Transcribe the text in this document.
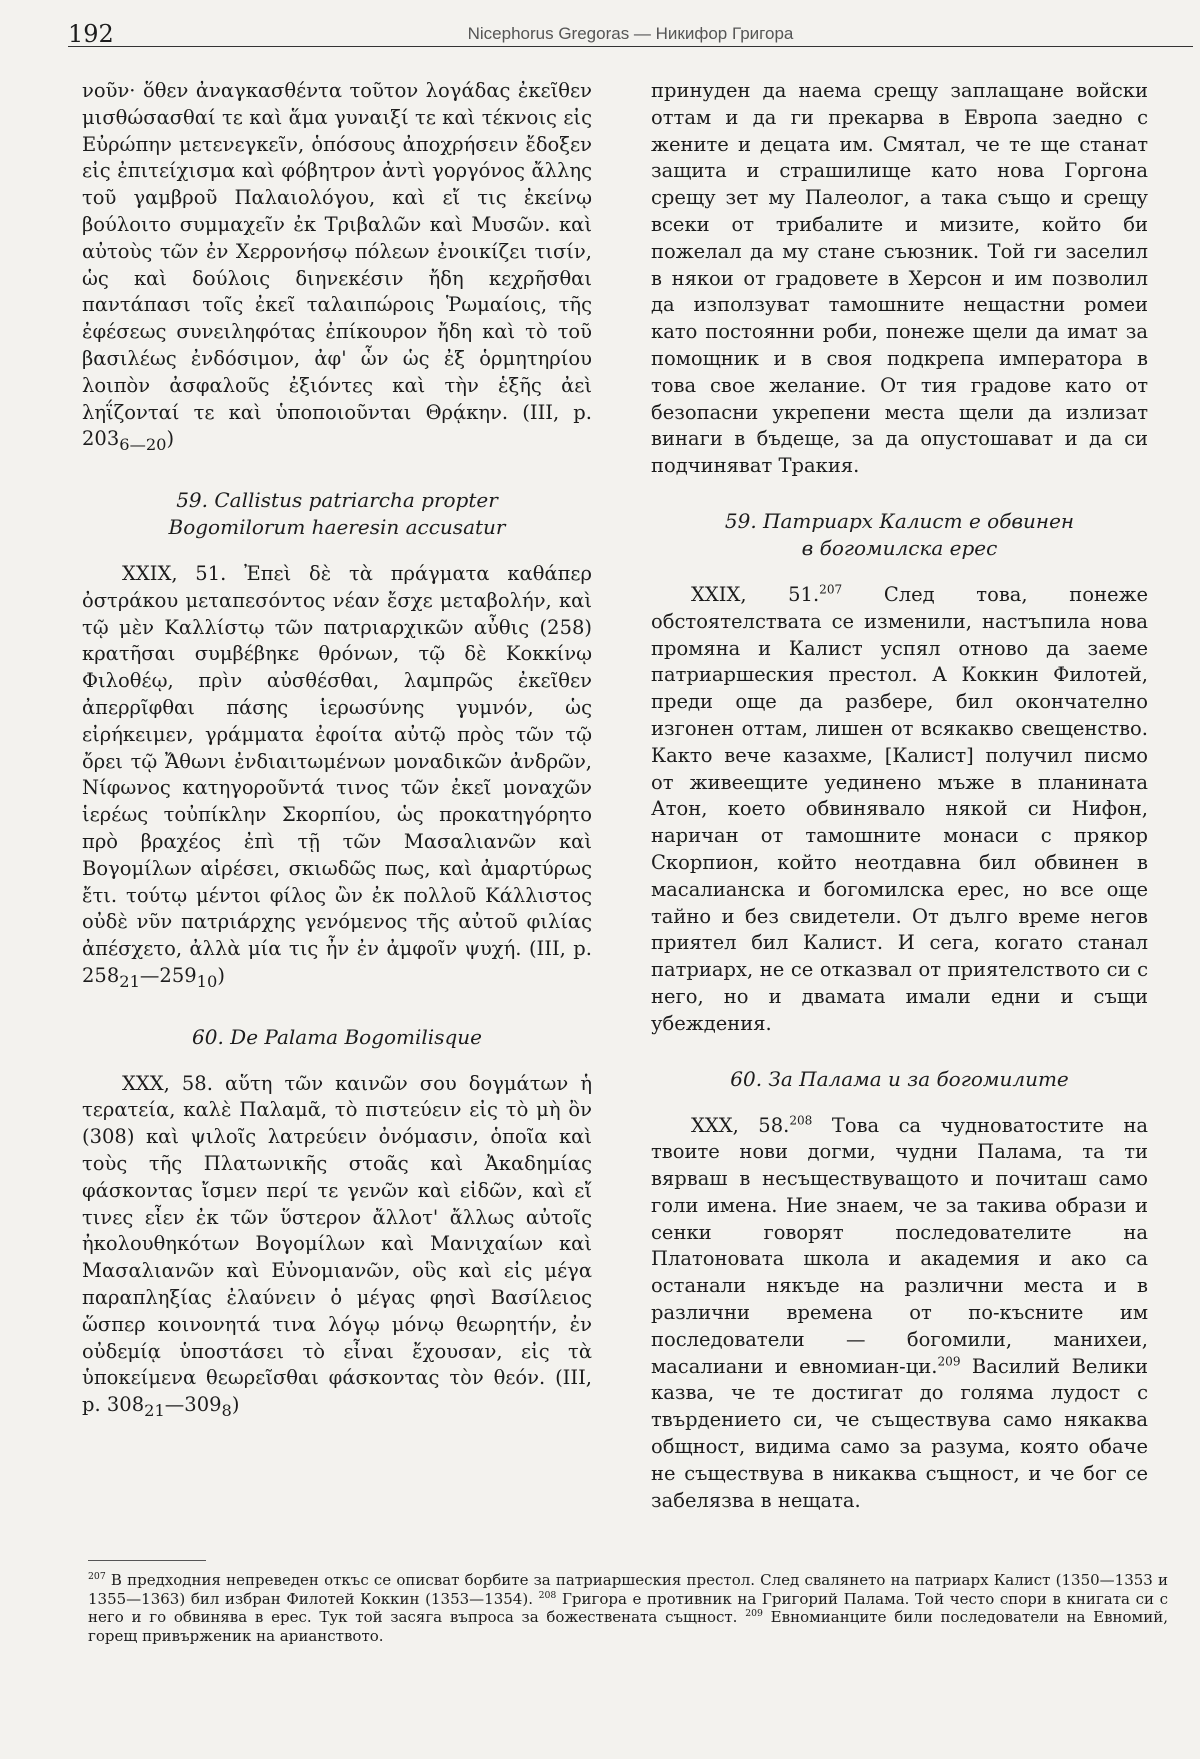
192	Nicephorus Gregoras — Никифор Григора

νοῦν· ὅθεν ἀναγκασθέντα τοῦτον λογάδας ἐκεῖθεν μισθώσασθαί τε καὶ ἅμα γυναιξί τε καὶ τέκνοις εἰς Εὐρώπην μετενεγκεῖν, ὁπόσους ἀποχρήσειν ἔδοξεν εἰς ἐπιτείχισμα καὶ φόβητρον ἀντὶ γοργόνος ἄλλης τοῦ γαμβροῦ Παλαιολόγου, καὶ εἴ τις ἐκείνῳ βούλοιτο συμμαχεῖν ἐκ Τριβαλῶν καὶ Μυσῶν. καὶ αὐτοὺς τῶν ἐν Χερρονήσῳ πόλεων ἐνοικίζει τισίν, ὡς καὶ δούλοις διηνεκέσιν ἤδη κεχρῆσθαι παντάπασι τοῖς ἐκεῖ ταλαιπώροις Ῥωμαίοις, τῆς ἐφέσεως συνειληφότας ἐπίκουρον ἤδη καὶ τὸ τοῦ βασιλέως ἐνδόσιμον, ἀφ' ὧν ὡς ἐξ ὁρμητηρίου λοιπὸν ἀσφαλοῦς ἐξιόντες καὶ τὴν ἑξῆς ἀεὶ ληΐζονταί τε καὶ ὑποποιοῦνται Θρᾴκην. (III, p. $203_{6—20}$)

59. Callistus patriarcha propter
Bogomilorum haeresin accusatur

XXIX, 51. Ἐπεὶ δὲ τὰ πράγματα καθάπερ ὀστράκου μεταπεσόντος νέαν ἔσχε μεταβολήν, καὶ τῷ μὲν Καλλίστῳ τῶν πατριαρχικῶν αὖθις (258) κρατῆσαι συμβέβηκε θρόνων, τῷ δὲ Κοκκίνῳ Φιλοθέῳ, πρὶν αὐσθέσθαι, λαμπρῶς ἐκεῖθεν ἀπερρῖφθαι πάσης ἱερωσύνης γυμνόν, ὡς εἰρήκειμεν, γράμματα ἐφοίτα αὐτῷ πρὸς τῶν τῷ ὄρει τῷ Ἄθωνι ἐνδιαιτωμένων μοναδικῶν ἀνδρῶν, Νίφωνος κατηγοροῦντά τινος τῶν ἐκεῖ μοναχῶν ἱερέως τοὐπίκλην Σκορπίου, ὡς προκατηγόρητο πρὸ βραχέος ἐπὶ τῇ τῶν Μασαλιανῶν καὶ Βογομίλων αἱρέσει, σκιωδῶς πως, καὶ ἀμαρτύρως ἔτι. τούτῳ μέντοι φίλος ὢν ἐκ πολλοῦ Κάλλιστος οὐδὲ νῦν πατριάρχης γενόμενος τῆς αὐτοῦ φιλίας ἀπέσχετο, ἀλλὰ μία τις ἦν ἐν ἀμφοῖν ψυχή. (III, p. $258_{21}—259_{10}$)

60. De Palama Bogomilisque

XXX, 58. αὕτη τῶν καινῶν σου δογμάτων ἡ τερατεία, καλὲ Παλαμᾶ, τὸ πιστεύειν εἰς τὸ μὴ ὂν (308) καὶ ψιλοῖς λατρεύειν ὀνόμασιν, ὁποῖα καὶ τοὺς τῆς Πλατωνικῆς στοᾶς καὶ Ἀκαδημίας φάσκοντας ἴσμεν περί τε γενῶν καὶ εἰδῶν, καὶ εἴ τινες εἶεν ἐκ τῶν ὕστερον ἄλλοτ' ἄλλως αὐτοῖς ἠκολουθηκότων Βογομίλων καὶ Μανιχαίων καὶ Μασαλιανῶν καὶ Εὐνομιανῶν, οὓς καὶ εἰς μέγα παραπληξίας ἐλαύνειν ὁ μέγας φησὶ Βασίλειος ὥσπερ κοινονητά τινα λόγῳ μόνῳ θεωρητήν, ἐν οὐδεμίᾳ ὑποστάσει τὸ εἶναι ἔχουσαν, εἰς τὰ ὑποκείμενα θεωρεῖσθαι φάσκοντας τὸν θεόν. (III, p. $308_{21}—309_8$)

принуден да наема срещу заплащане войски оттам и да ги прекарва в Европа заедно с жените и децата им. Смятал, че те ще станат защита и страшилище като нова Горгона срещу зет му Палеолог, а така също и срещу всеки от трибалите и мизите, който би пожелал да му стане съюзник. Той ги заселил в някои от градовете в Херсон и им позволил да използуват тамошните нещастни ромеи като постоянни роби, понеже щели да имат за помощник и в своя подкрепа императора в това свое желание. От тия градове като от безопасни укрепени места щели да излизат винаги в бъдеще, за да опустошават и да си подчиняват Тракия.

59. Патриарх Калист е обвинен
в богомилска ерес

XXIX, 51.$^{207}$ След това, понеже обстоятелствата се изменили, настъпила нова промяна и Калист успял отново да заеме патриаршеския престол. А Коккин Филотей, преди още да разбере, бил окончателно изгонен оттам, лишен от всякакво свещенство. Както вече казахме, [Калист] получил писмо от живеещите уединено мъже в планината Атон, което обвинявало някой си Нифон, наричан от тамошните монаси с прякор Скорпион, който неотдавна бил обвинен в масалианска и богомилска ерес, но все още тайно и без свидетели. От дълго време негов приятел бил Калист. И сега, когато станал патриарх, не се отказвал от приятелството си с него, но и двамата имали едни и същи убеждения.

60. За Палама и за богомилите

XXX, 58.$^{208}$ Това са чудноватостите на твоите нови догми, чудни Палама, та ти вярваш в несъществуващото и почиташ само голи имена. Ние знаем, че за такива образи и сенки говорят последователите на Платоновата школа и академия и ако са останали някъде на различни места и в различни времена от по-късните им последователи — богомили, манихеи, масалиани и евномиан-ци.$^{209}$ Василий Велики казва, че те достигат до голяма лудост с твърдението си, че съществува само някаква общност, видима само за разума, която обаче не съществува в никаква същност, и че бог се забелязва в нещата.

$^{207}$ В предходния непреведен откъс се описват борбите за патриаршеския престол. След свалянето на патриарх Калист (1350—1353 и 1355—1363) бил избран Филотей Коккин (1353—1354). $^{208}$ Григора е противник на Григорий Палама. Той често спори в книгата си с него и го обвинява в ерес. Тук той засяга въпроса за божествената същност. $^{209}$ Евномианците били последователи на Евномий, горещ привърженик на арианството.
